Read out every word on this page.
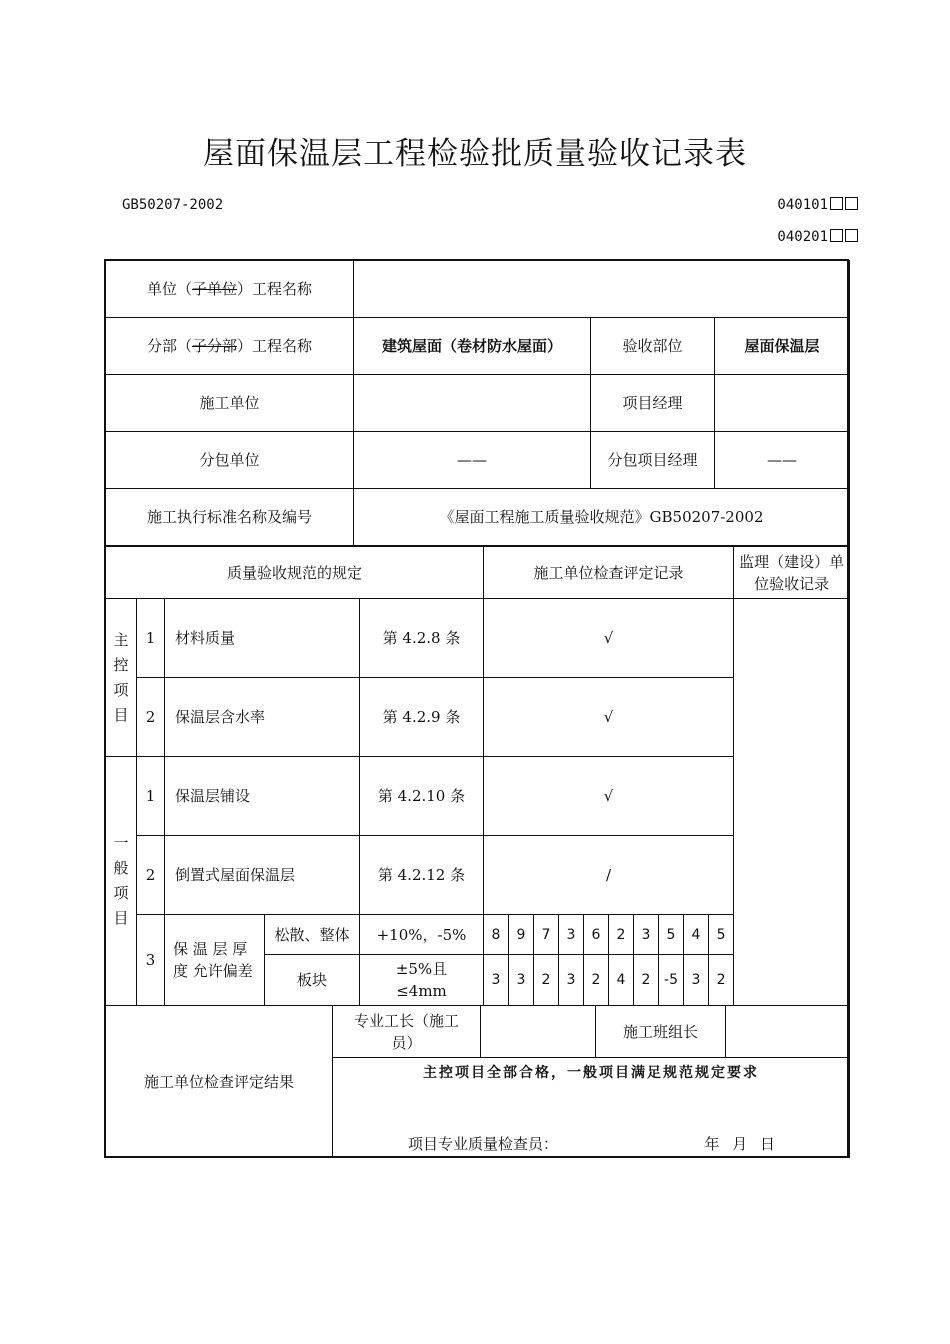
屋面保温层工程检验批质量验收记录表
GB50207-2002	040101
040201
单位（子单位）工程名称			
分部（子分部）工程名称	建筑屋面（卷材防水屋面）	验收部位	屋面保温层
施工单位		项目经理	
分包单位	——	分包项目经理	——
施工执行标准名称及编号	《屋面工程施工质量验收规范》GB50207-2002		
质量验收规范的规定					施工单位检查评定记录										监理（建设）单位验收记录

主控项目	1	材料质量		第 4.2.8 条	√										
	2	保温层含水率		第 4.2.9 条	√										

一般项目	1	保温层铺设		第 4.2.10 条	√										
	2	倒置式屋面保温层		第 4.2.12 条	/										
	3	保 温 层 厚 度 允许偏差	松散、整体	+10%，-5%	8	9	7	3	6	2	3	5	4	5	
			板块	±5%且≤4mm	3	3	2	3	2	4	2	-5	3	2	
施工单位检查评定结果	专业工长（施工员）		施工班组长	

主控项目全部合格，一般项目满足规范规定要求
项目专业质量检查员：	年 月 日
